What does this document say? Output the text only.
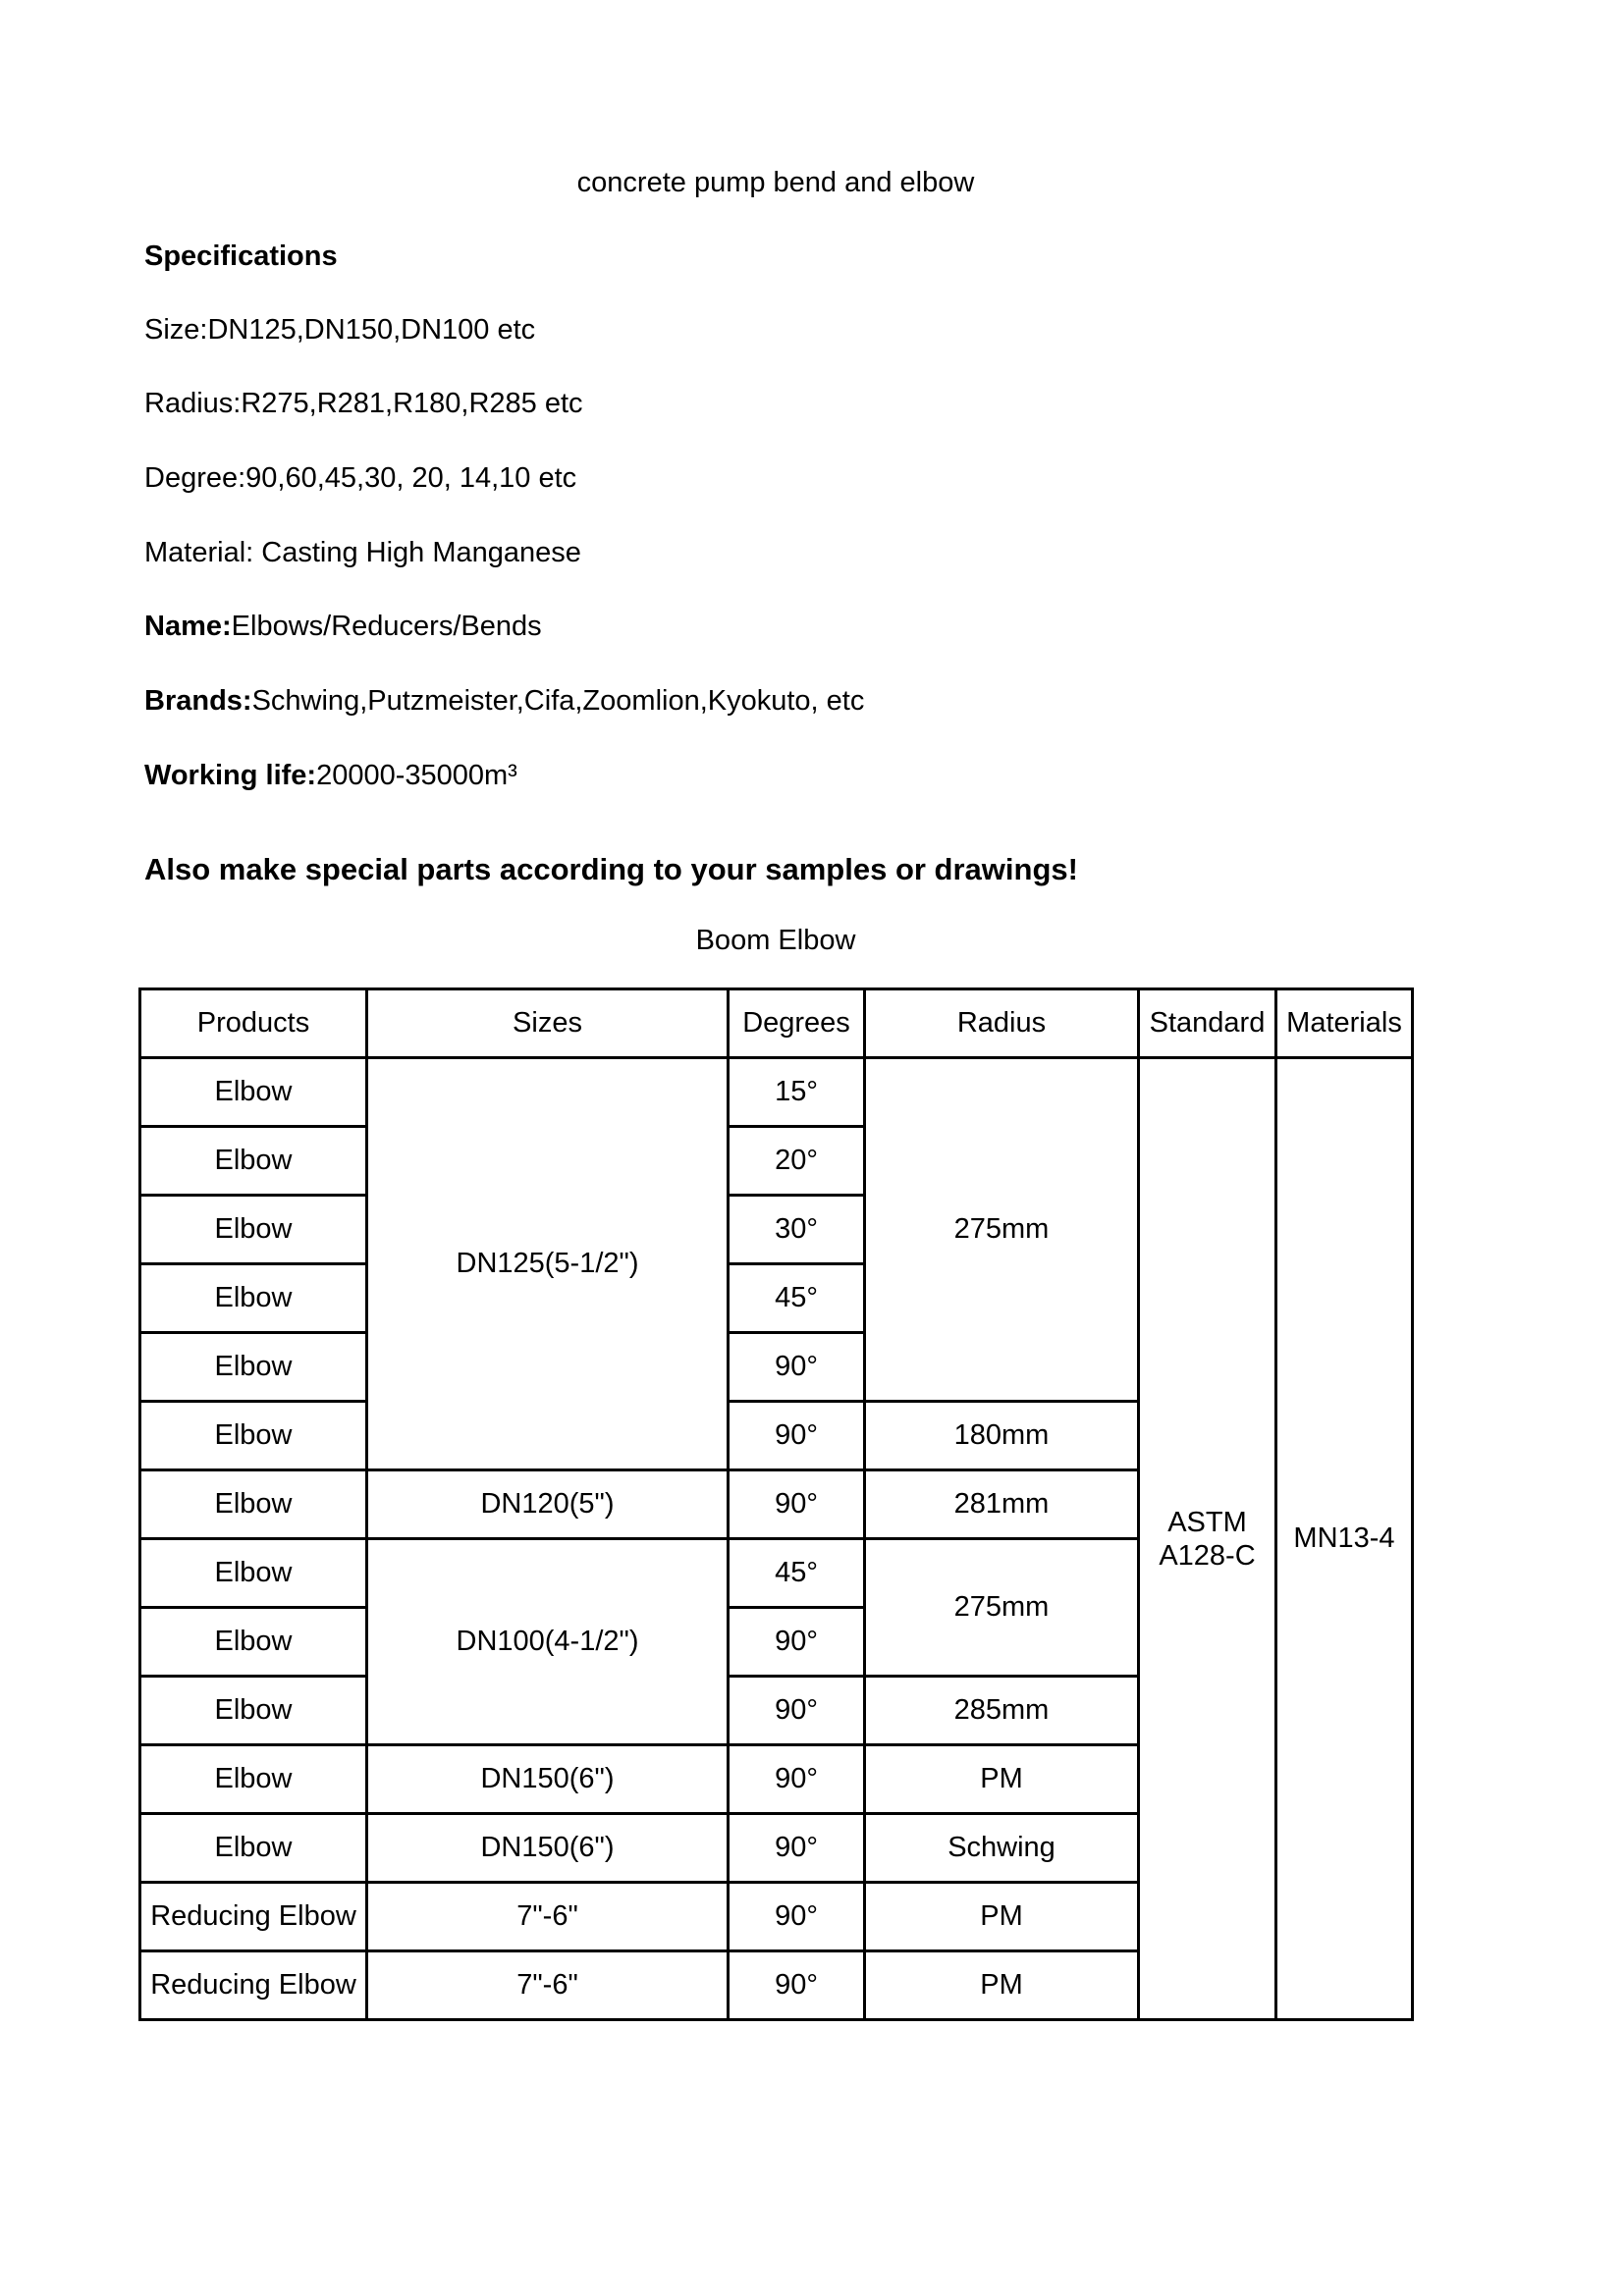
concrete pump bend and elbow
Specifications
Size:DN125,DN150,DN100 etc
Radius:R275,R281,R180,R285 etc
Degree:90,60,45,30, 20, 14,10 etc
Material: Casting High Manganese
Name:Elbows/Reducers/Bends
Brands:Schwing,Putzmeister,Cifa,Zoomlion,Kyokuto, etc
Working life:20000-35000m³
Also make special parts according to your samples or drawings!
Boom Elbow
Products	Sizes	Degrees	Radius	Standard	Materials
Elbow	DN125(5-1/2")	15°	275mm	ASTM A128-C	MN13-4
Elbow		20°			
Elbow		30°			
Elbow		45°			
Elbow		90°			
Elbow		90°	180mm		
Elbow	DN120(5")	90°	281mm		
Elbow	DN100(4-1/2")	45°	275mm		
Elbow		90°			
Elbow		90°	285mm		
Elbow	DN150(6")	90°	PM		
Elbow	DN150(6")	90°	Schwing		
Reducing Elbow	7"-6"	90°	PM		
Reducing Elbow	7"-6"	90°	PM		
